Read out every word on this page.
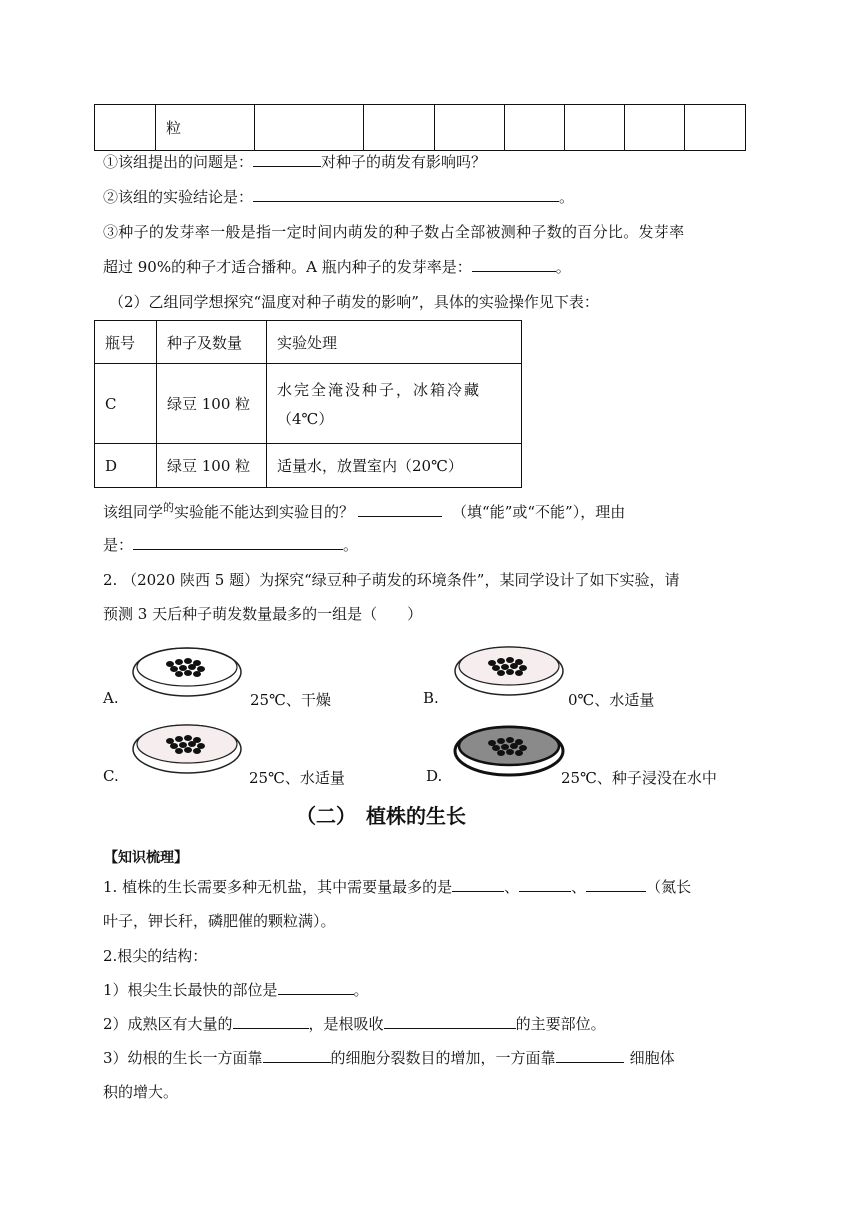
	粒							
①该组提出的问题是：	对种子的萌发有影响吗？
②该组的实验结论是：	。
③种子的发芽率一般是指一定时间内萌发的种子数占全部被测种子数的百分比。发芽率
超过 90%的种子才适合播种。A 瓶内种子的发芽率是：	。
（2）乙组同学想探究“温度对种子萌发的影响”，具体的实验操作见下表：
瓶号	种子及数量	实验处理
C	绿豆 100 粒	水完全淹没种子，冰箱冷藏
（4℃）

D	绿豆 100 粒	适量水，放置室内（20℃）
该组同学$^的$实验能不能达到实验目的？	（填“能”或“不能”），理由
是：	。
2. （2020 陕西 5 题）为探究“绿豆种子萌发的环境条件”，某同学设计了如下实验，请
预测 3 天后种子萌发数量最多的一组是（　　）
A.	25℃、干燥	B.	0℃、水适量
C.	25℃、水适量	D.	25℃、种子浸没在水中
（二）　植株的生长
【知识梳理】
1. 植株的生长需要多种无机盐，其中需要量最多的是	、	、	（氮长
叶子，钾长秆，磷肥催的颗粒满）。
2.根尖的结构：
1）根尖生长最快的部位是	。
2）成熟区有大量的	，是根吸收	的主要部位。
3）幼根的生长一方面靠	的细胞分裂数目的增加，一方面靠	细胞体
积的增大。
